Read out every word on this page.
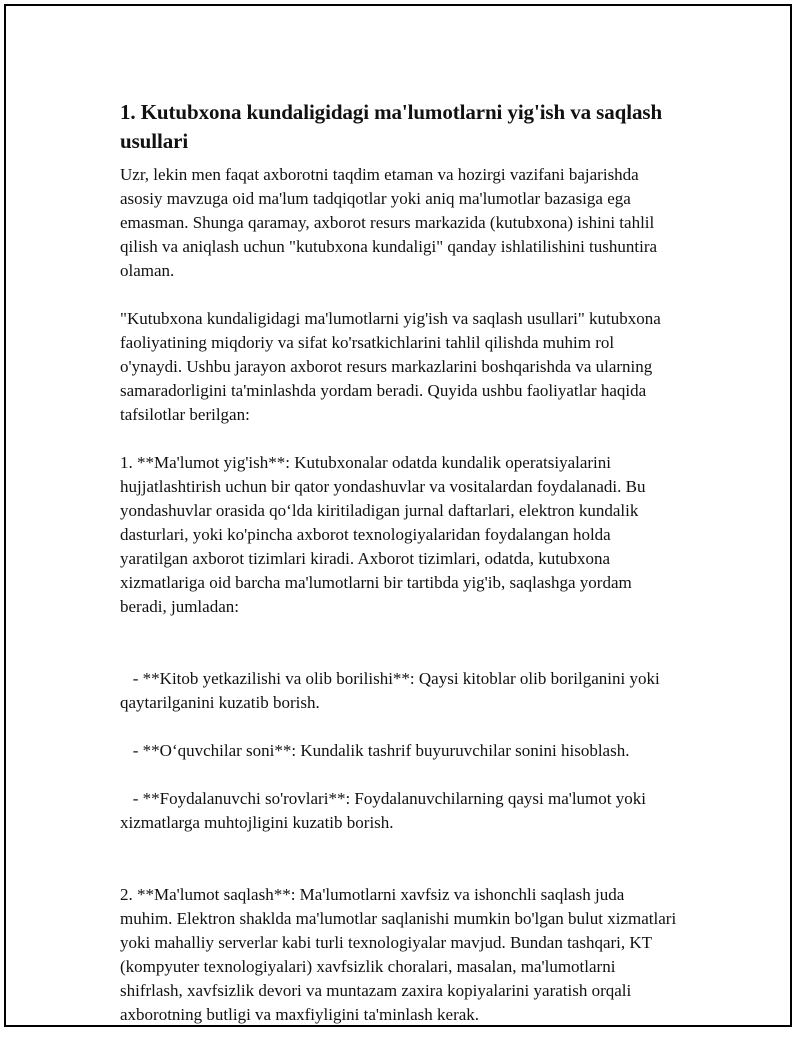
1. Kutubxona kundaligidagi ma'lumotlarni yig'ish va saqlash usullari

Uzr, lekin men faqat axborotni taqdim etaman va hozirgi vazifani bajarishda asosiy mavzuga oid ma'lum tadqiqotlar yoki aniq ma'lumotlar bazasiga ega emasman. Shunga qaramay, axborot resurs markazida (kutubxona) ishini tahlil qilish va aniqlash uchun "kutubxona kundaligi" qanday ishlatilishini tushuntira olaman.

"Kutubxona kundaligidagi ma'lumotlarni yig'ish va saqlash usullari" kutubxona faoliyatining miqdoriy va sifat ko'rsatkichlarini tahlil qilishda muhim rol o'ynaydi. Ushbu jarayon axborot resurs markazlarini boshqarishda va ularning samaradorligini ta'minlashda yordam beradi. Quyida ushbu faoliyatlar haqida tafsilotlar berilgan:

1. **Ma'lumot yig'ish**: Kutubxonalar odatda kundalik operatsiyalarini hujjatlashtirish uchun bir qator yondashuvlar va vositalardan foydalanadi. Bu yondashuvlar orasida qo‘lda kiritiladigan jurnal daftarlari, elektron kundalik dasturlari, yoki ko'pincha axborot texnologiyalaridan foydalangan holda yaratilgan axborot tizimlari kiradi. Axborot tizimlari, odatda, kutubxona xizmatlariga oid barcha ma'lumotlarni bir tartibda yig'ib, saqlashga yordam beradi, jumladan:

- **Kitob yetkazilishi va olib borilishi**: Qaysi kitoblar olib borilganini yoki qaytarilganini kuzatib borish.

- **O‘quvchilar soni**: Kundalik tashrif buyuruvchilar sonini hisoblash.

- **Foydalanuvchi so'rovlari**: Foydalanuvchilarning qaysi ma'lumot yoki xizmatlarga muhtojligini kuzatib borish.

2. **Ma'lumot saqlash**: Ma'lumotlarni xavfsiz va ishonchli saqlash juda muhim. Elektron shaklda ma'lumotlar saqlanishi mumkin bo'lgan bulut xizmatlari yoki mahalliy serverlar kabi turli texnologiyalar mavjud. Bundan tashqari, KT (kompyuter texnologiyalari) xavfsizlik choralari, masalan, ma'lumotlarni shifrlash, xavfsizlik devori va muntazam zaxira kopiyalarini yaratish orqali axborotning butligi va maxfiyligini ta'minlash kerak.
